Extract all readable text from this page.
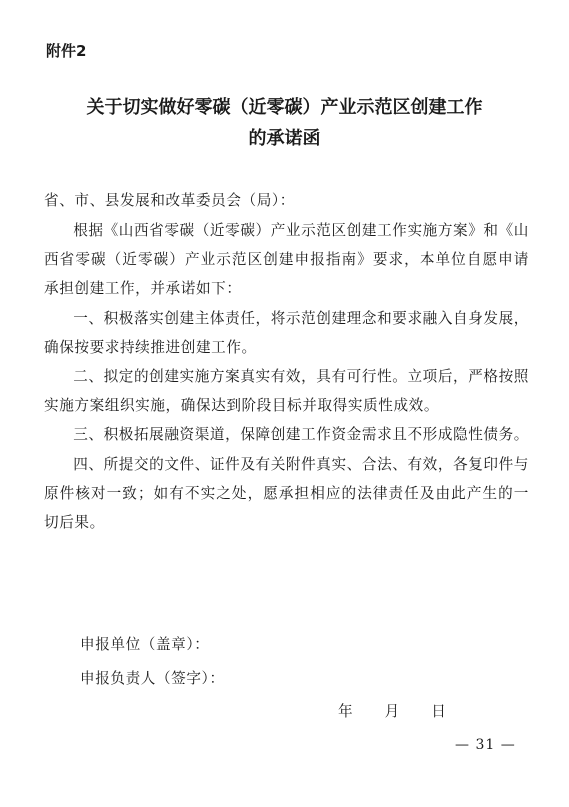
附件2
关于切实做好零碳（近零碳）产业示范区创建工作
的承诺函
省、市、县发展和改革委员会（局）：

根据《山西省零碳（近零碳）产业示范区创建工作实施方案》和《山西省零碳（近零碳）产业示范区创建申报指南》要求，本单位自愿申请承担创建工作，并承诺如下：

一、积极落实创建主体责任，将示范创建理念和要求融入自身发展，确保按要求持续推进创建工作。

二、拟定的创建实施方案真实有效，具有可行性。立项后，严格按照实施方案组织实施，确保达到阶段目标并取得实质性成效。

三、积极拓展融资渠道，保障创建工作资金需求且不形成隐性债务。

四、所提交的文件、证件及有关附件真实、合法、有效，各复印件与原件核对一致；如有不实之处，愿承担相应的法律责任及由此产生的一切后果。

申报单位（盖章）：
申报负责人（签字）：
年 月 日
— 31 —
